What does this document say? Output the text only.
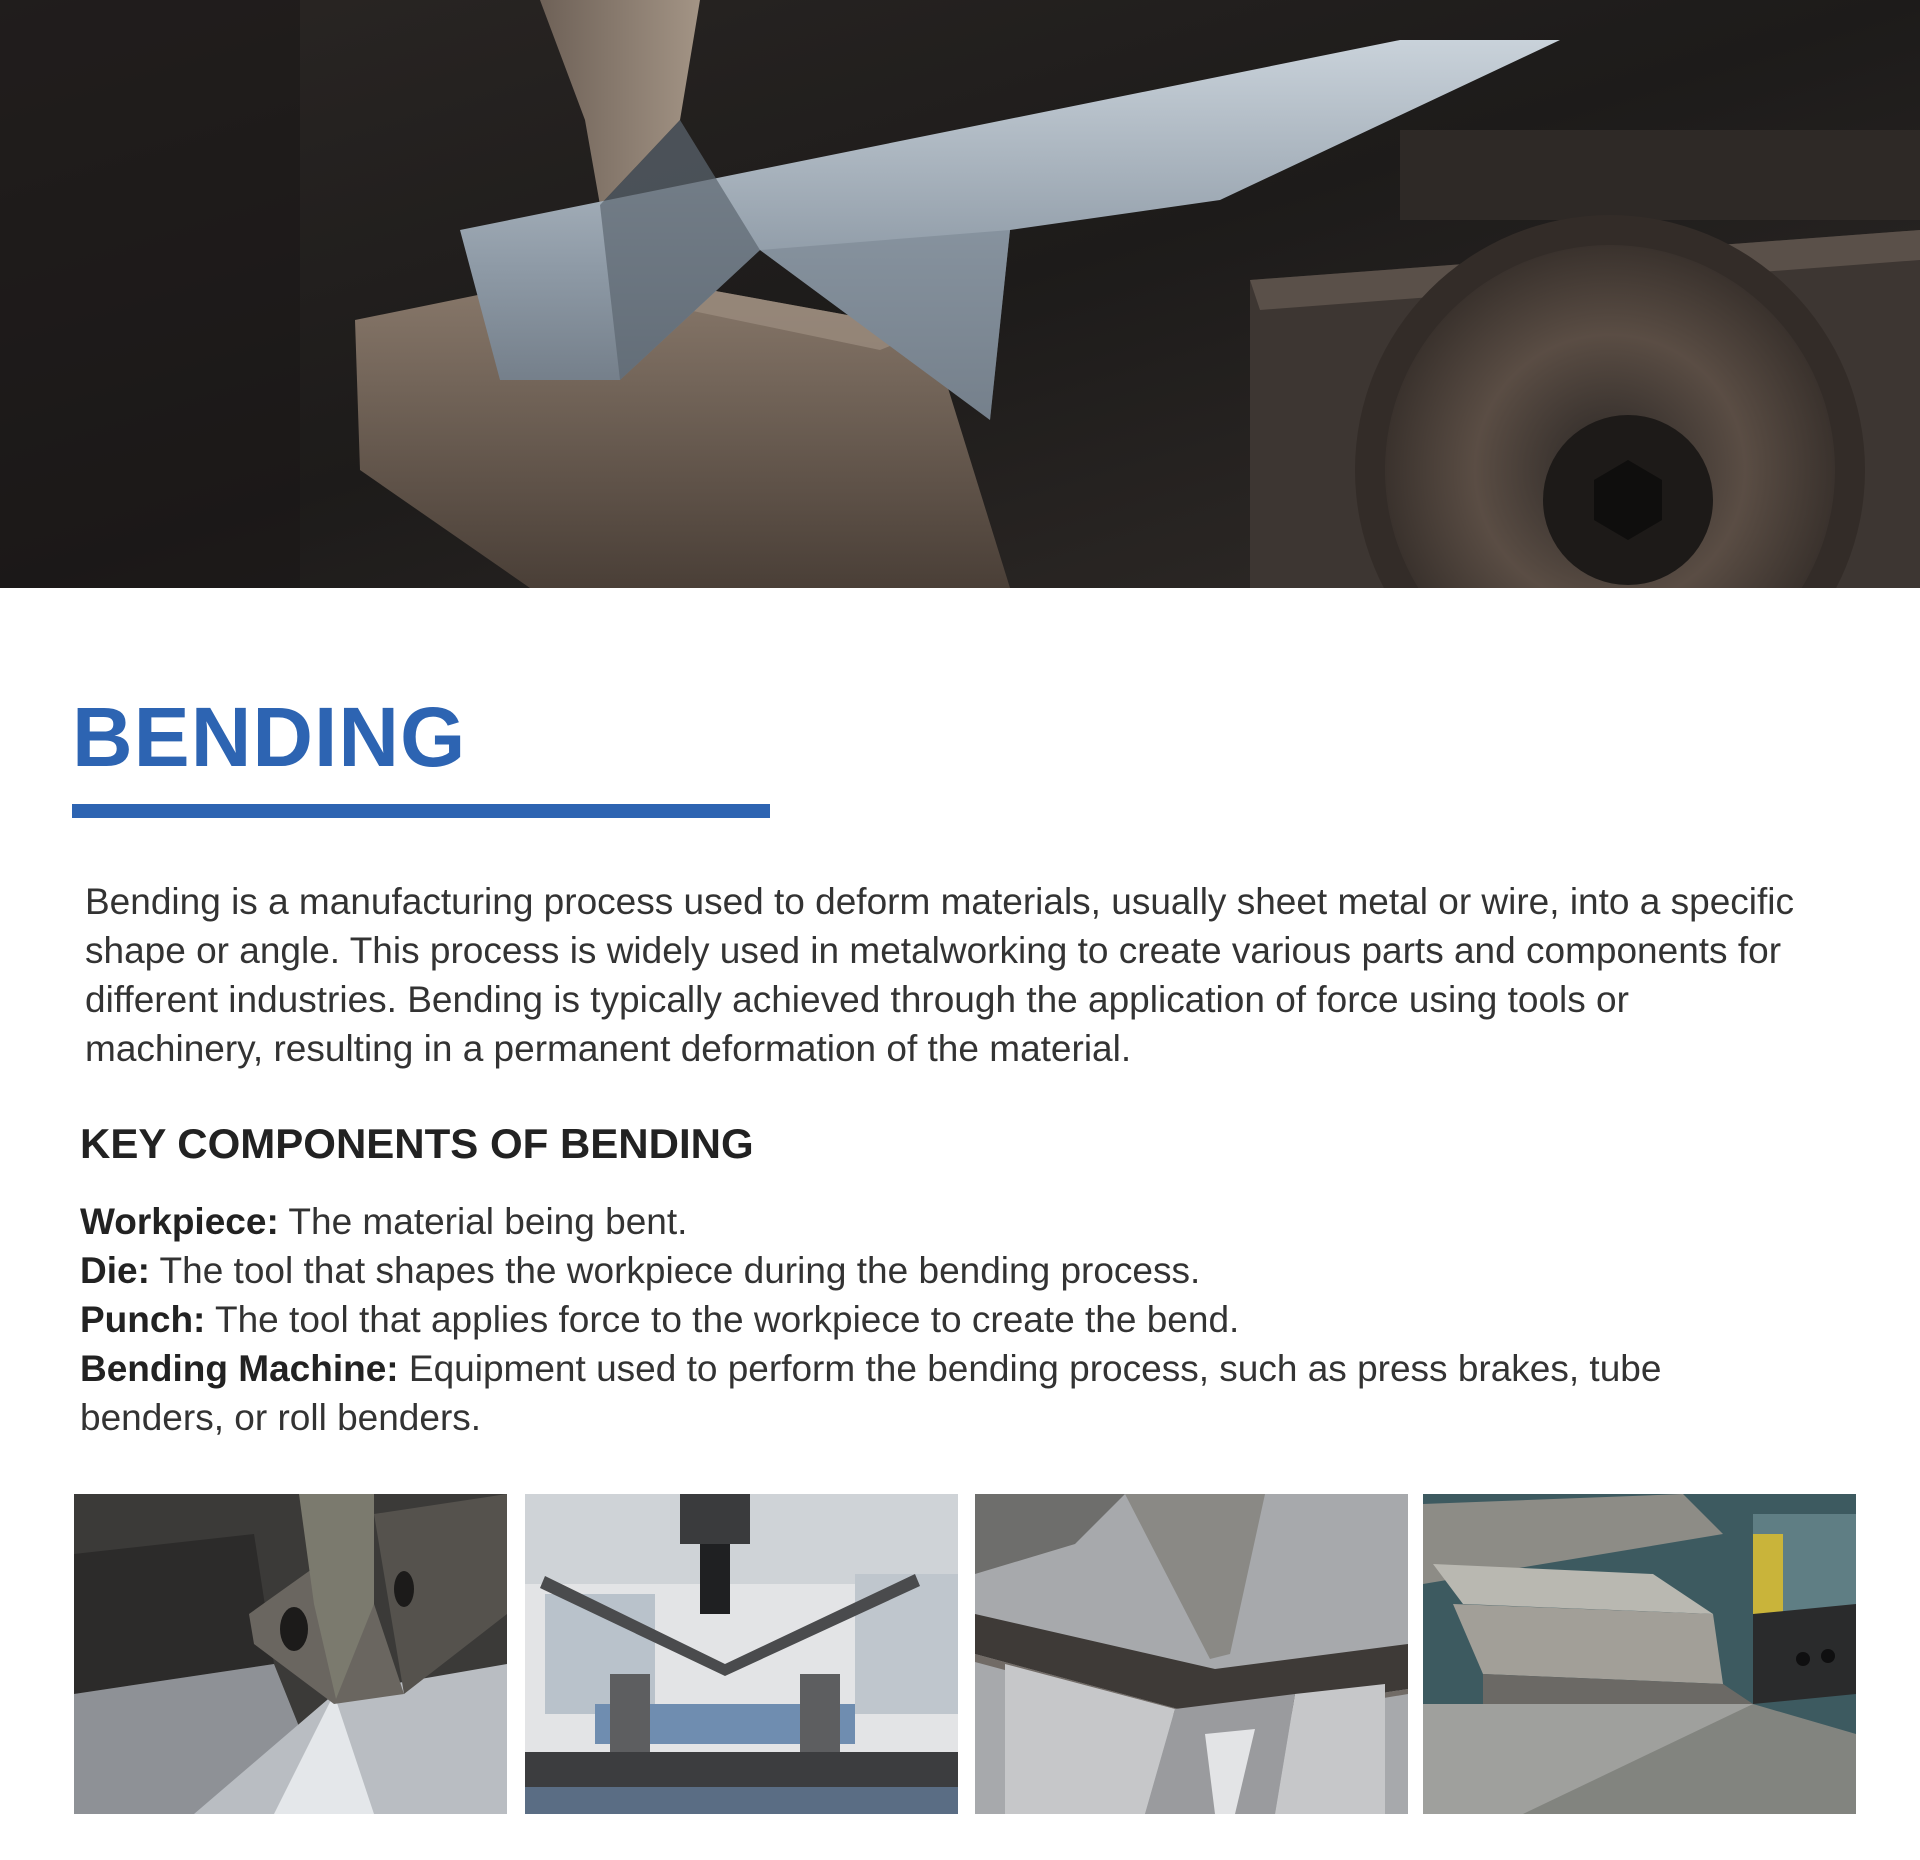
BENDING

Bending is a manufacturing process used to deform materials, usually sheet metal or wire, into a specific shape or angle. This process is widely used in metalworking to create various parts and components for different industries. Bending is typically achieved through the application of force using tools or machinery, resulting in a permanent deformation of the material.

KEY COMPONENTS OF BENDING
Workpiece: The material being bent.
Die: The tool that shapes the workpiece during the bending process.
Punch: The tool that applies force to the workpiece to create the bend.
Bending Machine: Equipment used to perform the bending process, such as press brakes, tube benders, or roll benders.
